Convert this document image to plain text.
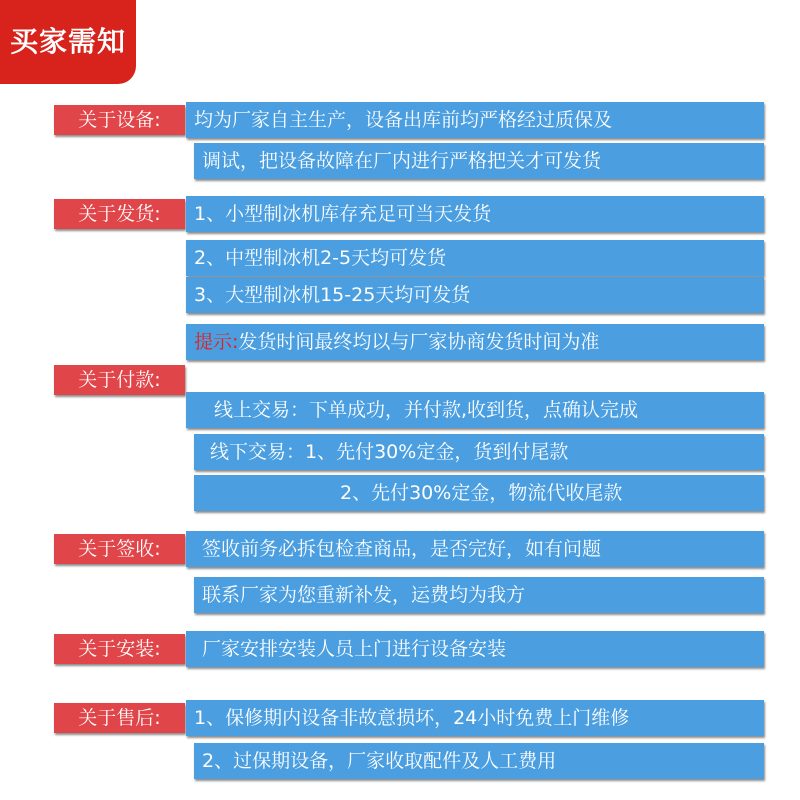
买家需知
关于设备:	均为厂家自主生产，设备出库前均严格经过质保及
调试，把设备故障在厂内进行严格把关才可发货
关于发货:	1、小型制冰机库存充足可当天发货
2、中型制冰机2-5天均可发货
3、大型制冰机15-25天均可发货
提示:发货时间最终均以与厂家协商发货时间为准
关于付款:
线上交易：下单成功，并付款,收到货，点确认完成
线下交易：1、先付30%定金，货到付尾款
2、先付30%定金，物流代收尾款
关于签收:	签收前务必拆包检查商品，是否完好，如有问题
联系厂家为您重新补发，运费均为我方
关于安装:	厂家安排安装人员上门进行设备安装
关于售后:	1、保修期内设备非故意损坏，24小时免费上门维修
2、过保期设备，厂家收取配件及人工费用
